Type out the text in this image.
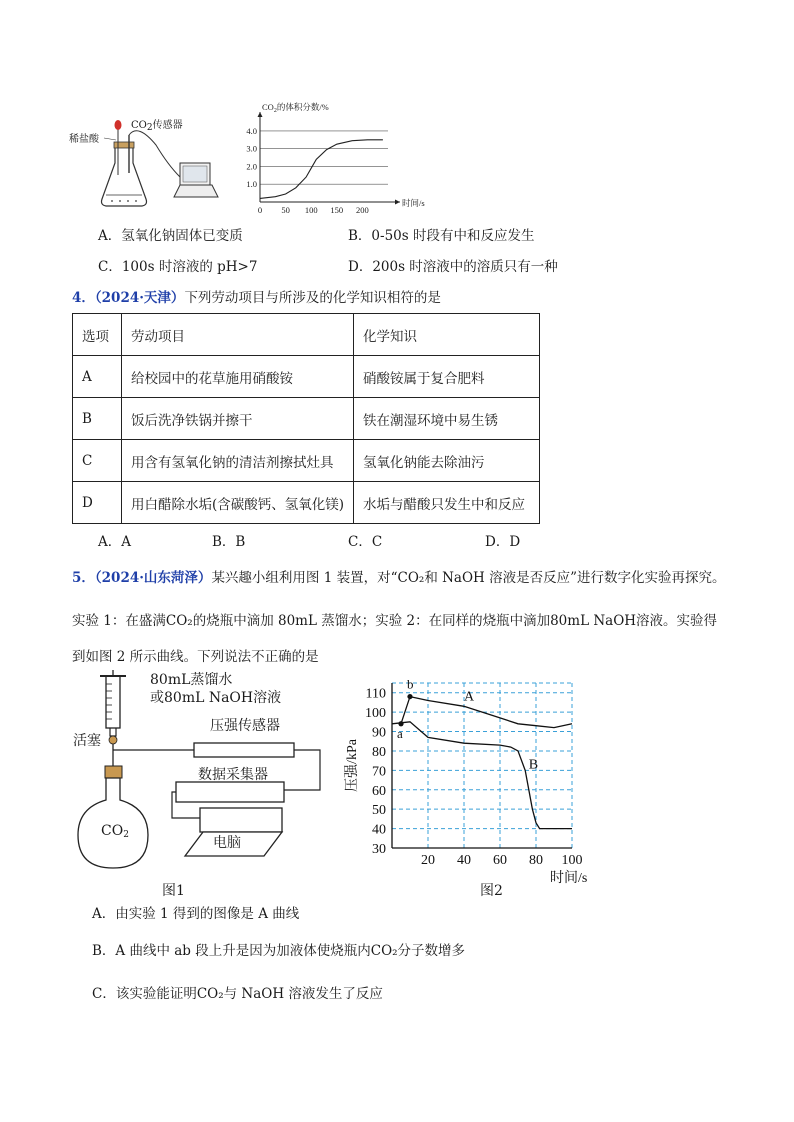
稀盐酸
$CO_2$传感器
1.0
2.0
3.0
4.0
0 50 100 150 200
时间/s
$CO_2$的体积分数/%
A．氢氧化钠固体已变质	B．0-50s 时段有中和反应发生
C．100s 时溶液的 pH>7	D．200s 时溶液中的溶质只有一种
4．（2024·天津）下列劳动项目与所涉及的化学知识相符的是
选项	劳动项目	化学知识
A	给校园中的花草施用硝酸铵	硝酸铵属于复合肥料
B	饭后洗净铁锅并擦干	铁在潮湿环境中易生锈
C	用含有氢氧化钠的清洁剂擦拭灶具	氢氧化钠能去除油污
D	用白醋除水垢(含碳酸钙、氢氧化镁)	水垢与醋酸只发生中和反应
A．A	B．B	C．C	D．D
5．（2024·山东菏泽）某兴趣小组利用图 1 装置，对“CO₂和 NaOH 溶液是否反应”进行数字化实验再探究。
实验 1：在盛满CO₂的烧瓶中滴加 80mL 蒸馏水；实验 2：在同样的烧瓶中滴加80mL NaOH溶液。实验得
到如图 2 所示曲线。下列说法不正确的是
80mL蒸馏水
或80mL NaOH溶液
活塞
压强传感器
数据采集器
$CO_2$	电脑
图1
30
40
50
60
70
80
90
100
110
20 40 60 80 100
时间/s
压强/kPa
A
B
a
b
图2
A．由实验 1 得到的图像是 A 曲线
B．A 曲线中 ab 段上升是因为加液体使烧瓶内CO₂分子数增多
C．该实验能证明CO₂与 NaOH 溶液发生了反应
